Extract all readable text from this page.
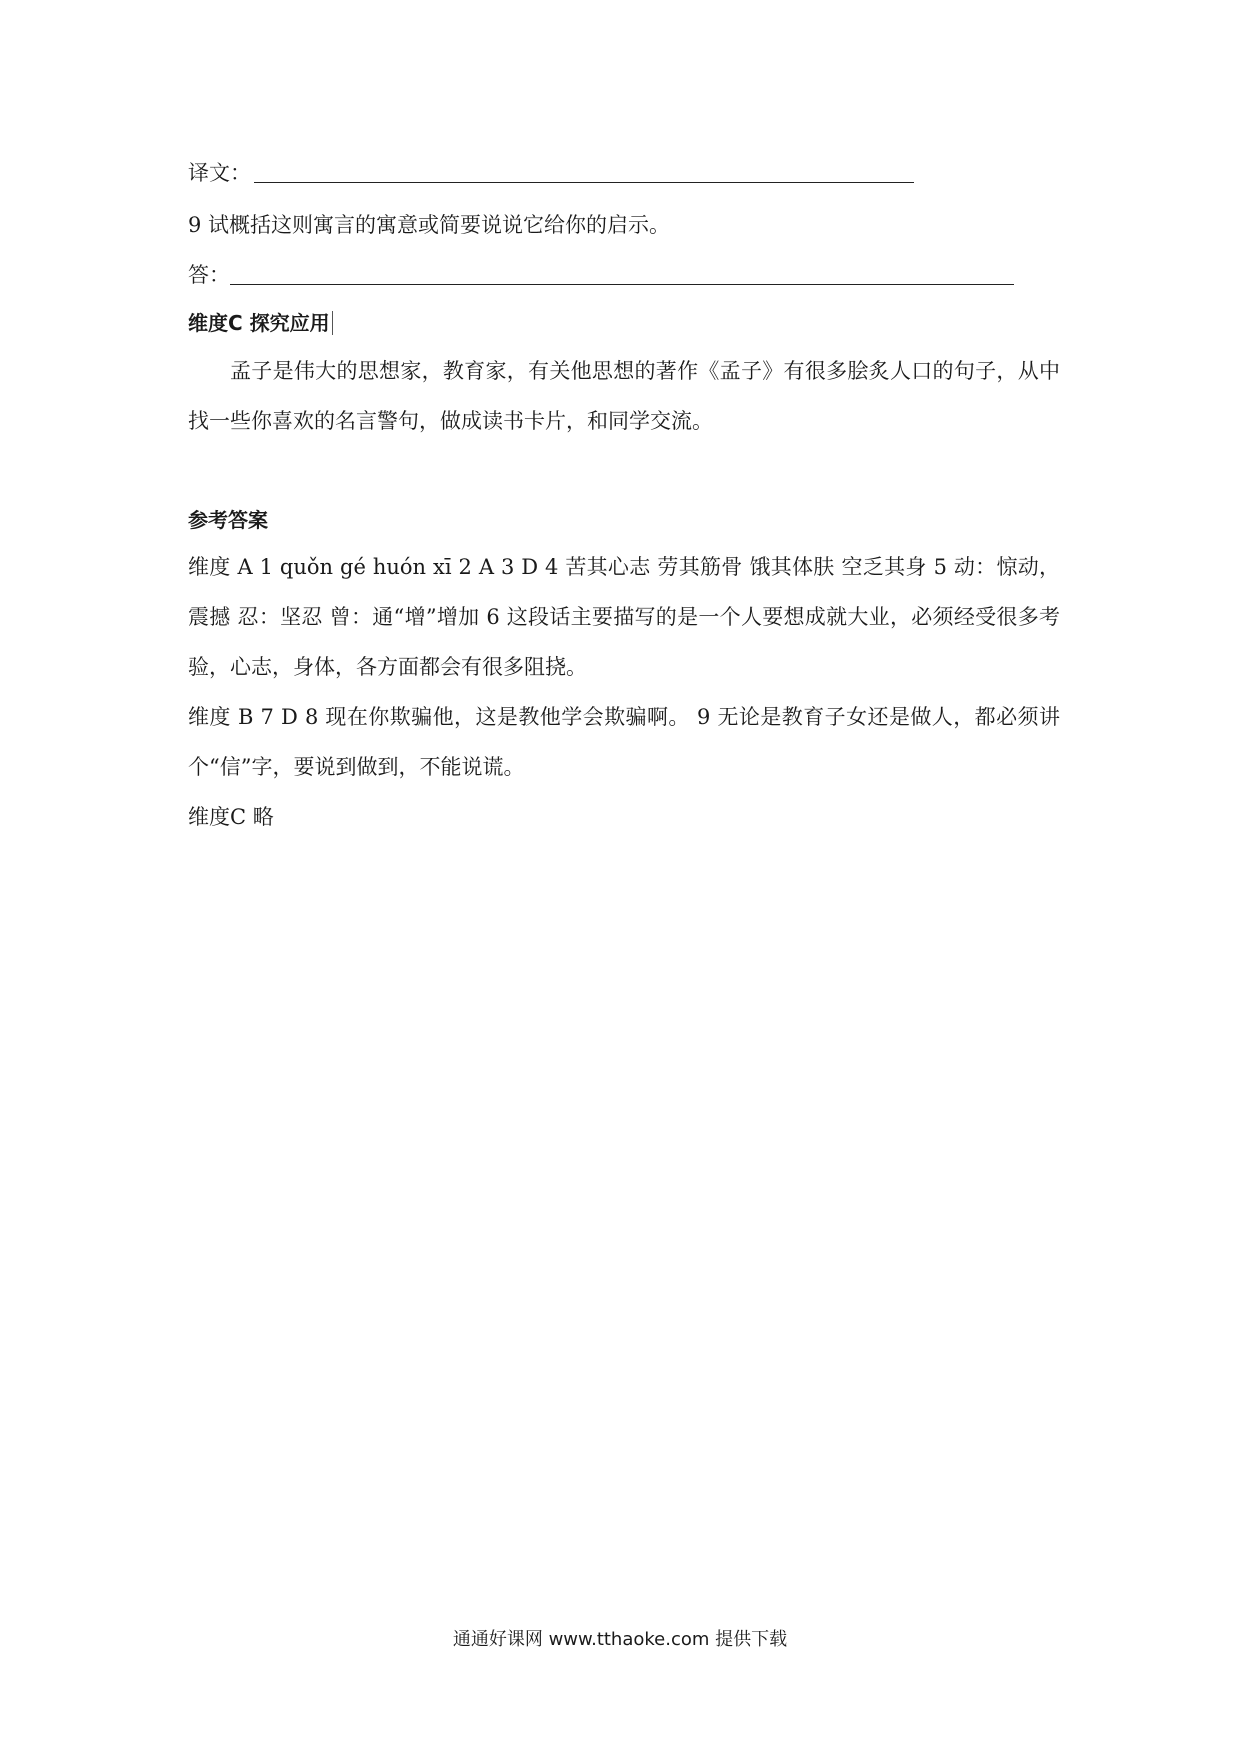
译文：
9 试概括这则寓言的寓意或简要说说它给你的启示。
答：
维度C 探究应用
孟子是伟大的思想家，教育家，有关他思想的著作《孟子》有很多脍炙人口的句子，从中找一些你喜欢的名言警句，做成读书卡片，和同学交流。
参考答案

维度 A 1 quǒn gé huón xī 2 A 3 D 4 苦其心志 劳其筋骨 饿其体肤 空乏其身 5 动：惊动，震撼 忍：坚忍 曾：通“增”增加 6 这段话主要描写的是一个人要想成就大业，必须经受很多考验，心志，身体，各方面都会有很多阻挠。

维度 B 7 D 8 现在你欺骗他，这是教他学会欺骗啊。 9 无论是教育子女还是做人，都必须讲个“信”字，要说到做到，不能说谎。

维度C 略

通通好课网 www.tthaoke.com 提供下载
